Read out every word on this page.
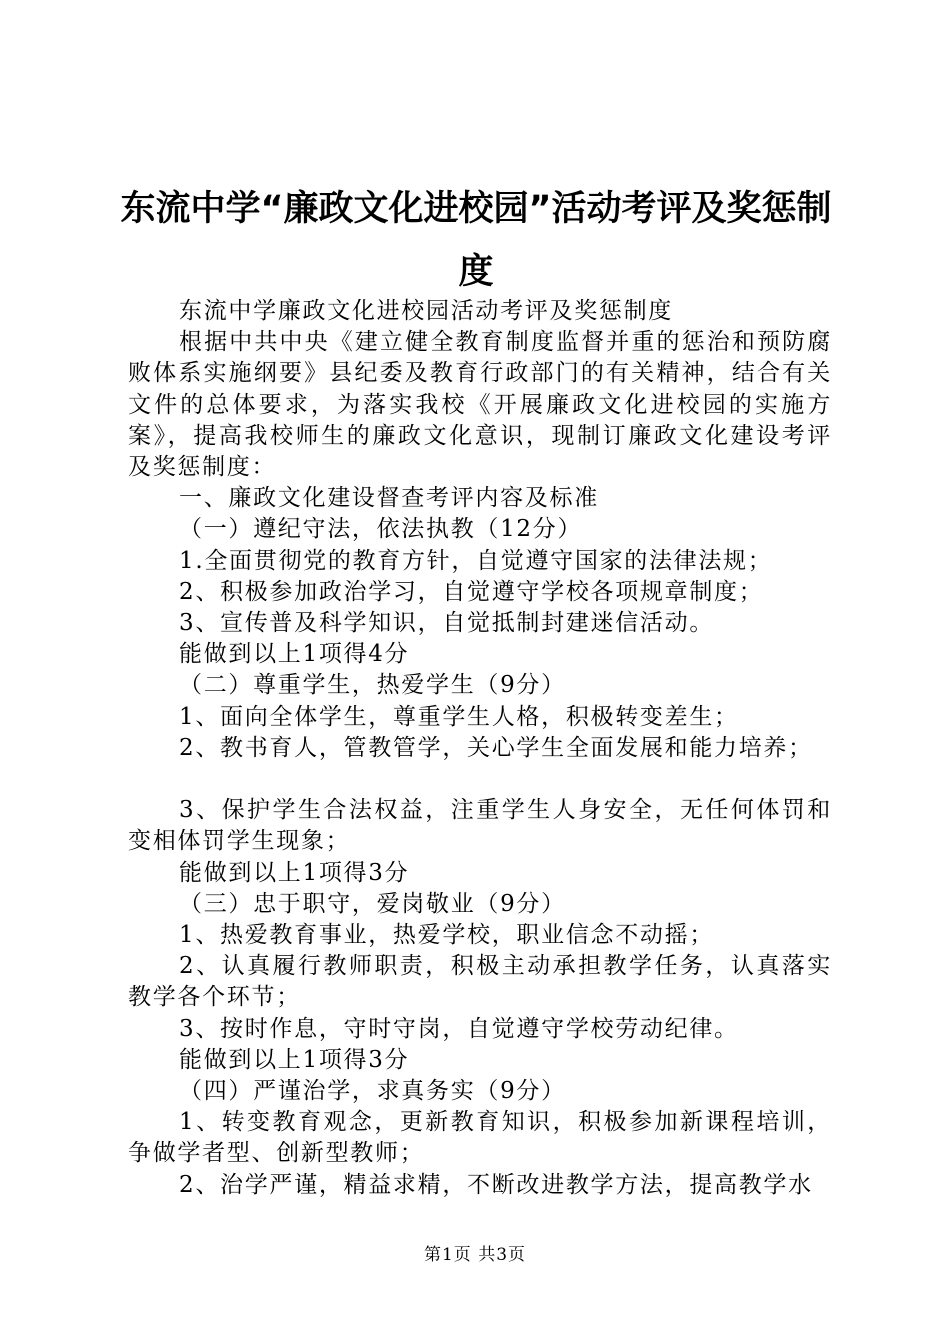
东流中学“廉政文化进校园”活动考评及奖惩制度

东流中学廉政文化进校园活动考评及奖惩制度

根据中共中央《建立健全教育制度监督并重的惩治和预防腐败体系实施纲要》县纪委及教育行政部门的有关精神，结合有关文件的总体要求，为落实我校《开展廉政文化进校园的实施方案》，提高我校师生的廉政文化意识，现制订廉政文化建设考评及奖惩制度：

一、廉政文化建设督查考评内容及标准

（一）遵纪守法，依法执教（12分）

1.全面贯彻党的教育方针，自觉遵守国家的法律法规；

2、积极参加政治学习，自觉遵守学校各项规章制度；

3、宣传普及科学知识，自觉抵制封建迷信活动。

能做到以上1项得4分

（二）尊重学生，热爱学生（9分）

1、面向全体学生，尊重学生人格，积极转变差生；

2、教书育人，管教管学，关心学生全面发展和能力培养；

3、保护学生合法权益，注重学生人身安全，无任何体罚和变相体罚学生现象；

能做到以上1项得3分

（三）忠于职守，爱岗敬业（9分）

1、热爱教育事业，热爱学校，职业信念不动摇；

2、认真履行教师职责，积极主动承担教学任务，认真落实教学各个环节；

3、按时作息，守时守岗，自觉遵守学校劳动纪律。

能做到以上1项得3分

（四）严谨治学，求真务实（9分）

1、转变教育观念，更新教育知识，积极参加新课程培训，争做学者型、创新型教师；

2、治学严谨，精益求精，不断改进教学方法，提高教学水

第1页 共3页
